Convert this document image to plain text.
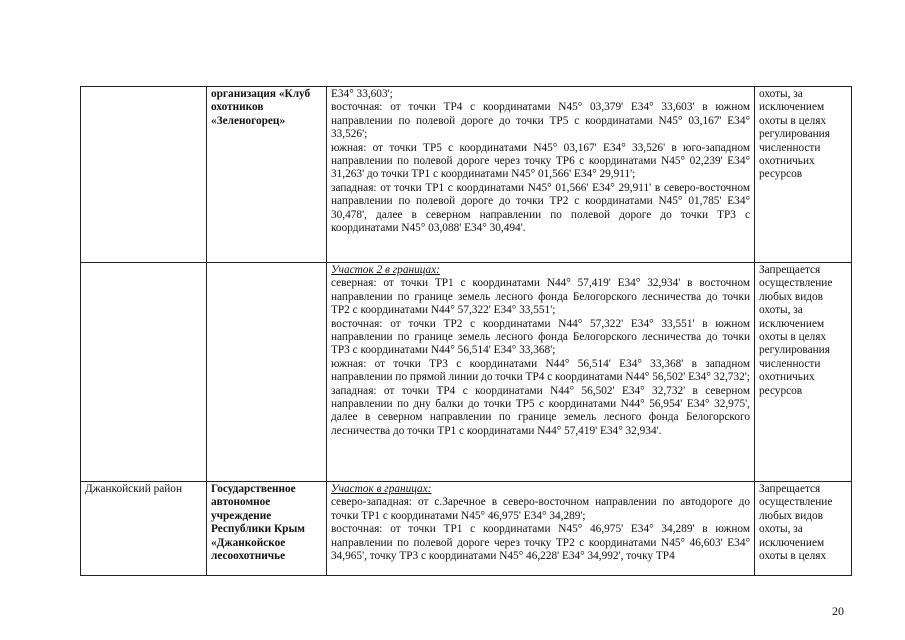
	организация «Клуб охотников «Зеленогорец»	Е34° 33,603';

восточная: от точки ТР4 с координатами N45° 03,379' Е34° 33,603' в южном направлении по полевой дороге до точки ТР5 с координатами N45° 03,167' Е34° 33,526';

южная: от точки ТР5 с координатами N45° 03,167' Е34° 33,526' в юго-западном направлении по полевой дороге через точку ТР6 с координатами N45° 02,239' Е34° 31,263' до точки ТР1 с координатами N45° 01,566' Е34° 29,911';

западная: от точки ТР1 с координатами N45° 01,566' Е34° 29,911' в северо-восточном направлении по полевой дороге до точки ТР2 с координатами N45° 01,785' Е34° 30,478', далее в северном направлении по полевой дороге до точки ТР3 с координатами N45° 03,088' Е34° 30,494'.	охоты, за исключением охоты в целях регулирования численности охотничьих ресурсов

		Участок 2 в границах:

северная: от точки ТР1 с координатами N44° 57,419' Е34° 32,934' в восточном направлении по границе земель лесного фонда Белогорского лесничества до точки ТР2 с координатами N44° 57,322' Е34° 33,551';

восточная: от точки ТР2 с координатами N44° 57,322' Е34° 33,551' в южном направлении по границе земель лесного фонда Белогорского лесничества до точки ТР3 с координатами N44° 56,514' Е34° 33,368';

южная: от точки ТР3 с координатами N44° 56,514' Е34° 33,368' в западном направлении по прямой линии до точки ТР4 с координатами N44° 56,502' Е34° 32,732';

западная: от точки ТР4 с координатами N44° 56,502' Е34° 32,732' в северном направлении по дну балки до точки ТР5 с координатами N44° 56,954' Е34° 32,975', далее в северном направлении по границе земель лесного фонда Белогорского лесничества до точки ТР1 с координатами N44° 57,419' Е34° 32,934'.	Запрещается осуществление любых видов охоты, за исключением охоты в целях регулирования численности охотничьих ресурсов

Джанкойский район	Государственное автономное учреждение Республики Крым «Джанкойское лесоохотничье	Участок в границах:

северо-западная: от с.Заречное в северо-восточном направлении по автодороге до точки ТР1 с координатами N45° 46,975' Е34° 34,289';

восточная: от точки ТР1 с координатами N45° 46,975' Е34° 34,289' в южном направлении по полевой дороге через точку ТР2 с координатами N45° 46,603' Е34° 34,965', точку ТР3 с координатами N45° 46,228' Е34° 34,992', точку ТР4	Запрещается осуществление любых видов охоты, за исключением охоты в целях

20
